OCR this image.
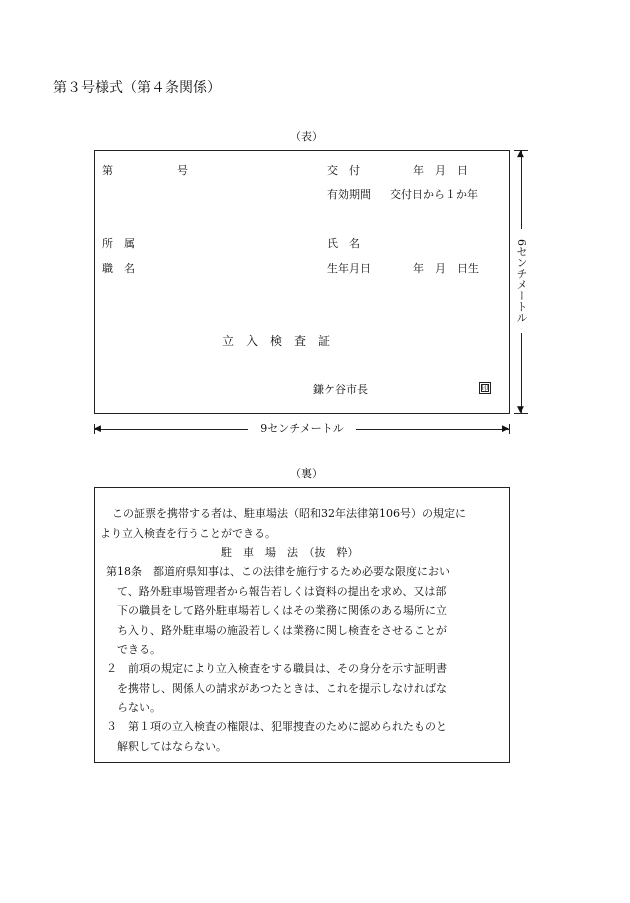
第３号様式（第４条関係）
（表）
第	号	交　付	年　月　日
有効期間 交付日から１か年
所　属	氏　名
職　名	生年月日	年　月　日生
立　入　検　査　証
鎌ケ谷市長	印
▲
▼
6センチメートル
◀	▶
9センチメートル
（裏）
この証票を携帯する者は、駐車場法（昭和32年法律第106号）の規定に
より立入検査を行うことができる。
駐　車　場　法　（抜　粋）
第18条　都道府県知事は、この法律を施行するため必要な限度におい
て、路外駐車場管理者から報告若しくは資料の提出を求め、又は部
下の職員をして路外駐車場若しくはその業務に関係のある場所に立
ち入り、路外駐車場の施設若しくは業務に関し検査をさせることが
できる。
２　前項の規定により立入検査をする職員は、その身分を示す証明書
を携帯し、関係人の請求があつたときは、これを提示しなければな
らない。
３　第１項の立入検査の権限は、犯罪捜査のために認められたものと
解釈してはならない。
